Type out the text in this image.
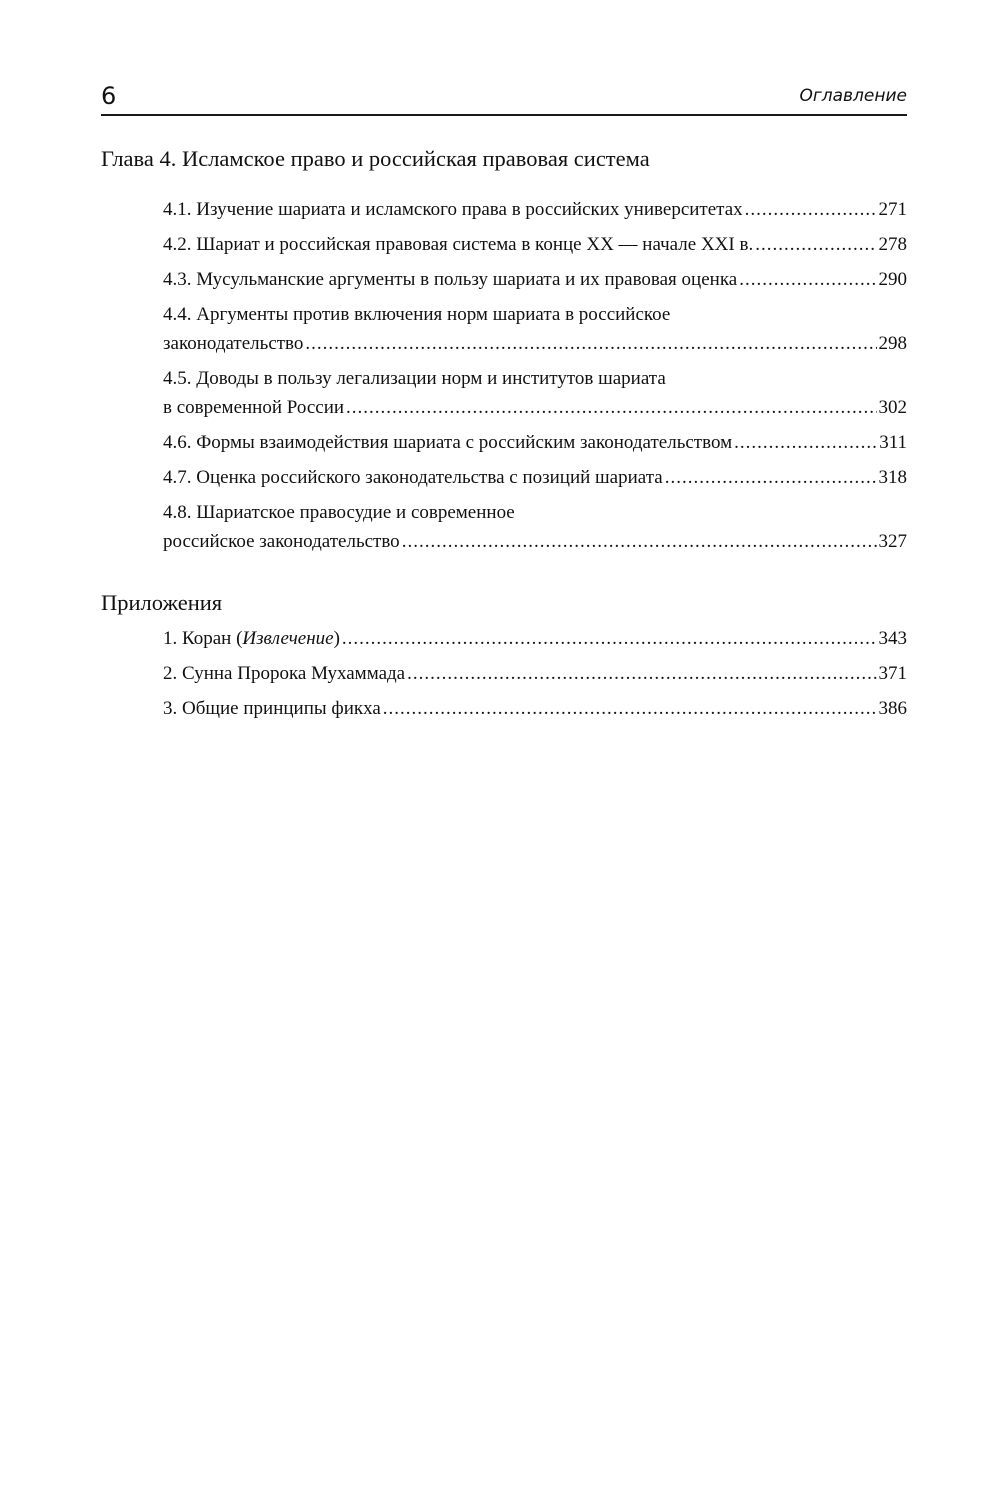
6	Оглавление
Глава 4. Исламское право и российская правовая система
4.1. Изучение шариата и исламского права в российских университетах .....	271
4.2. Шариат и российская правовая система в конце XX — начале XXI в. .....	278
4.3. Мусульманские аргументы в пользу шариата и их правовая оценка .....	290
4.4. Аргументы против включения норм шариата в российское
законодательство .....	298
4.5. Доводы в пользу легализации норм и институтов шариата
в современной России .....	302
4.6. Формы взаимодействия шариата с российским законодательством .....	311
4.7. Оценка российского законодательства с позиций шариата .....	318
4.8. Шариатское правосудие и современное
российское законодательство .....	327
Приложения
1. Коран (Извлечение) .....	343
2. Сунна Пророка Мухаммада .....	371
3. Общие принципы фикха .....	386
